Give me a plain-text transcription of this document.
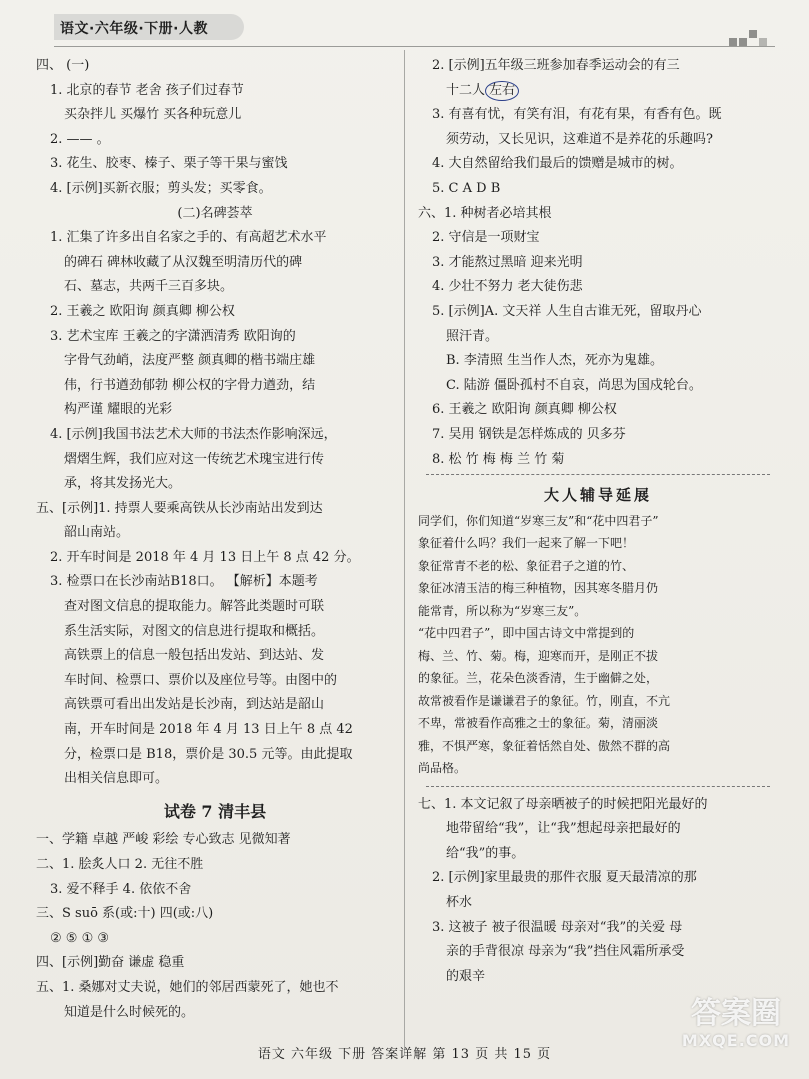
语文·六年级·下册·人教
四、 (一)
1. 北京的春节 老舍 孩子们过春节
买杂拌儿 买爆竹 买各种玩意儿
2. —— 。
3. 花生、胶枣、榛子、栗子等干果与蜜饯
4. [示例]买新衣服；剪头发；买零食。
(二)名碑荟萃
1. 汇集了许多出自名家之手的、有高超艺术水平
的碑石 碑林收藏了从汉魏至明清历代的碑
石、墓志，共两千三百多块。
2. 王羲之 欧阳询 颜真卿 柳公权
3. 艺术宝库 王羲之的字潇洒清秀 欧阳询的
字骨气劲峭，法度严整 颜真卿的楷书端庄雄
伟，行书遒劲郁勃 柳公权的字骨力遒劲，结
构严谨 耀眼的光彩
4. [示例]我国书法艺术大师的书法杰作影响深远，
熠熠生辉，我们应对这一传统艺术瑰宝进行传
承，将其发扬光大。
五、[示例]1. 持票人要乘高铁从长沙南站出发到达
韶山南站。
2. 开车时间是 2018 年 4 月 13 日上午 8 点 42 分。
3. 检票口在长沙南站B18口。 【解析】本题考
查对图文信息的提取能力。解答此类题时可联
系生活实际，对图文的信息进行提取和概括。
高铁票上的信息一般包括出发站、到达站、发
车时间、检票口、票价以及座位号等。由图中的
高铁票可看出出发站是长沙南，到达站是韶山
南，开车时间是 2018 年 4 月 13 日上午 8 点 42
分，检票口是 B18，票价是 30.5 元等。由此提取
出相关信息即可。
试卷 7 清丰县
一、学籍 卓越 严峻 彩绘 专心致志 见微知著
二、1. 脍炙人口 2. 无往不胜
3. 爱不释手 4. 依依不舍
三、S suō 系(或:十) 四(或:八)
② ⑤ ① ③
四、[示例]勤奋 谦虚 稳重
五、1. 桑娜对丈夫说，她们的邻居西蒙死了，她也不
知道是什么时候死的。
2. [示例]五年级三班参加春季运动会的有三
十二人 左右
3. 有喜有忧，有笑有泪，有花有果，有香有色。既
须劳动，又长见识，这难道不是养花的乐趣吗?
4. 大自然留给我们最后的馈赠是城市的树。
5. C A D B
六、1. 种树者必培其根
2. 守信是一项财宝
3. 才能熬过黑暗 迎来光明
4. 少壮不努力 老大徒伤悲
5. [示例]A. 文天祥 人生自古谁无死，留取丹心
照汗青。
B. 李清照 生当作人杰，死亦为鬼雄。
C. 陆游 僵卧孤村不自哀，尚思为国戍轮台。
6. 王羲之 欧阳询 颜真卿 柳公权
7. 吴用 钢铁是怎样炼成的 贝多芬
8. 松 竹 梅 梅 兰 竹 菊
大人辅导延展
同学们，你们知道“岁寒三友”和“花中四君子”
象征着什么吗？我们一起来了解一下吧！
象征常青不老的松、象征君子之道的竹、
象征冰清玉洁的梅三种植物，因其寒冬腊月仍
能常青，所以称为“岁寒三友”。
“花中四君子”，即中国古诗文中常提到的
梅、兰、竹、菊。梅，迎寒而开，是刚正不拔
的象征。兰，花朵色淡香清，生于幽僻之处，
故常被看作是谦谦君子的象征。竹，刚直，不亢
不卑，常被看作高雅之士的象征。菊，清丽淡
雅，不惧严寒，象征着恬然自处、傲然不群的高
尚品格。
七、1. 本文记叙了母亲晒被子的时候把阳光最好的
地带留给“我”，让“我”想起母亲把最好的
给“我”的事。
2. [示例]家里最贵的那件衣服 夏天最清凉的那
杯水
3. 这被子 被子很温暖 母亲对“我”的关爱 母
亲的手背很凉 母亲为“我”挡住风霜所承受
的艰辛
语文 六年级 下册 答案详解 第 13 页 共 15 页
答案圈
MXQE.COM
